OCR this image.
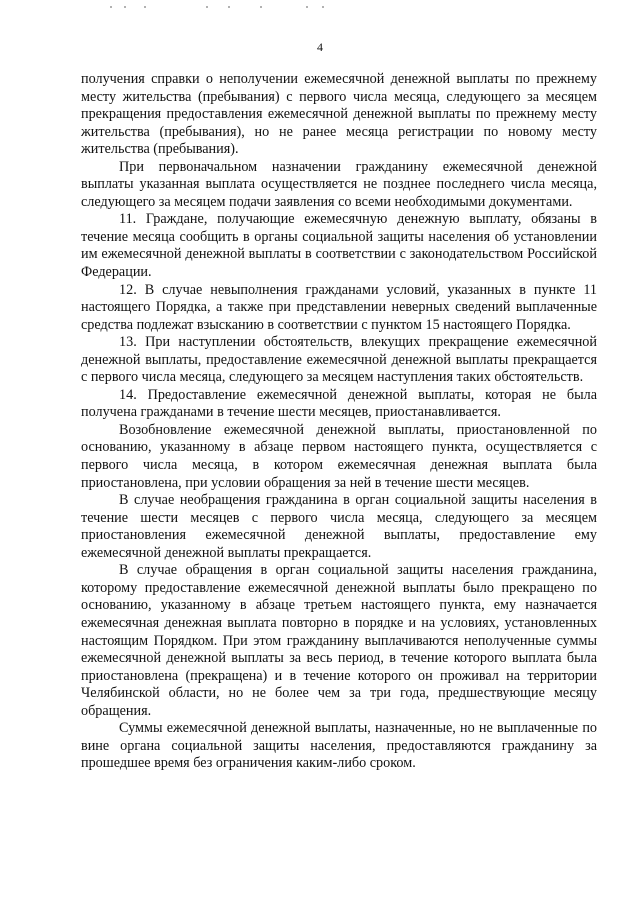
4

получения справки о неполучении ежемесячной денежной выплаты по прежнему месту жительства (пребывания) с первого числа месяца, следующего за месяцем прекращения предоставления ежемесячной денежной выплаты по прежнему месту жительства (пребывания), но не ранее месяца регистрации по новому месту жительства (пребывания).

При первоначальном назначении гражданину ежемесячной денежной выплаты указанная выплата осуществляется не позднее последнего числа месяца, следующего за месяцем подачи заявления со всеми необходимыми документами.

11. Граждане, получающие ежемесячную денежную выплату, обязаны в течение месяца сообщить в органы социальной защиты населения об установлении им ежемесячной денежной выплаты в соответствии с законодательством Российской Федерации.

12. В случае невыполнения гражданами условий, указанных в пункте 11 настоящего Порядка, а также при представлении неверных сведений выплаченные средства подлежат взысканию в соответствии с пунктом 15 настоящего Порядка.

13. При наступлении обстоятельств, влекущих прекращение ежемесячной денежной выплаты, предоставление ежемесячной денежной выплаты прекращается с первого числа месяца, следующего за месяцем наступления таких обстоятельств.

14. Предоставление ежемесячной денежной выплаты, которая не была получена гражданами в течение шести месяцев, приостанавливается.

Возобновление ежемесячной денежной выплаты, приостановленной по основанию, указанному в абзаце первом настоящего пункта, осуществляется с первого числа месяца, в котором ежемесячная денежная выплата была приостановлена, при условии обращения за ней в течение шести месяцев.

В случае необращения гражданина в орган социальной защиты населения в течение шести месяцев с первого числа месяца, следующего за месяцем приостановления ежемесячной денежной выплаты, предоставление ему ежемесячной денежной выплаты прекращается.

В случае обращения в орган социальной защиты населения гражданина, которому предоставление ежемесячной денежной выплаты было прекращено по основанию, указанному в абзаце третьем настоящего пункта, ему назначается ежемесячная денежная выплата повторно в порядке и на условиях, установленных настоящим Порядком. При этом гражданину выплачиваются неполученные суммы ежемесячной денежной выплаты за весь период, в течение которого выплата была приостановлена (прекращена) и в течение которого он проживал на территории Челябинской области, но не более чем за три года, предшествующие месяцу обращения.

Суммы ежемесячной денежной выплаты, назначенные, но не выплаченные по вине органа социальной защиты населения, предоставляются гражданину за прошедшее время без ограничения каким-либо сроком.
